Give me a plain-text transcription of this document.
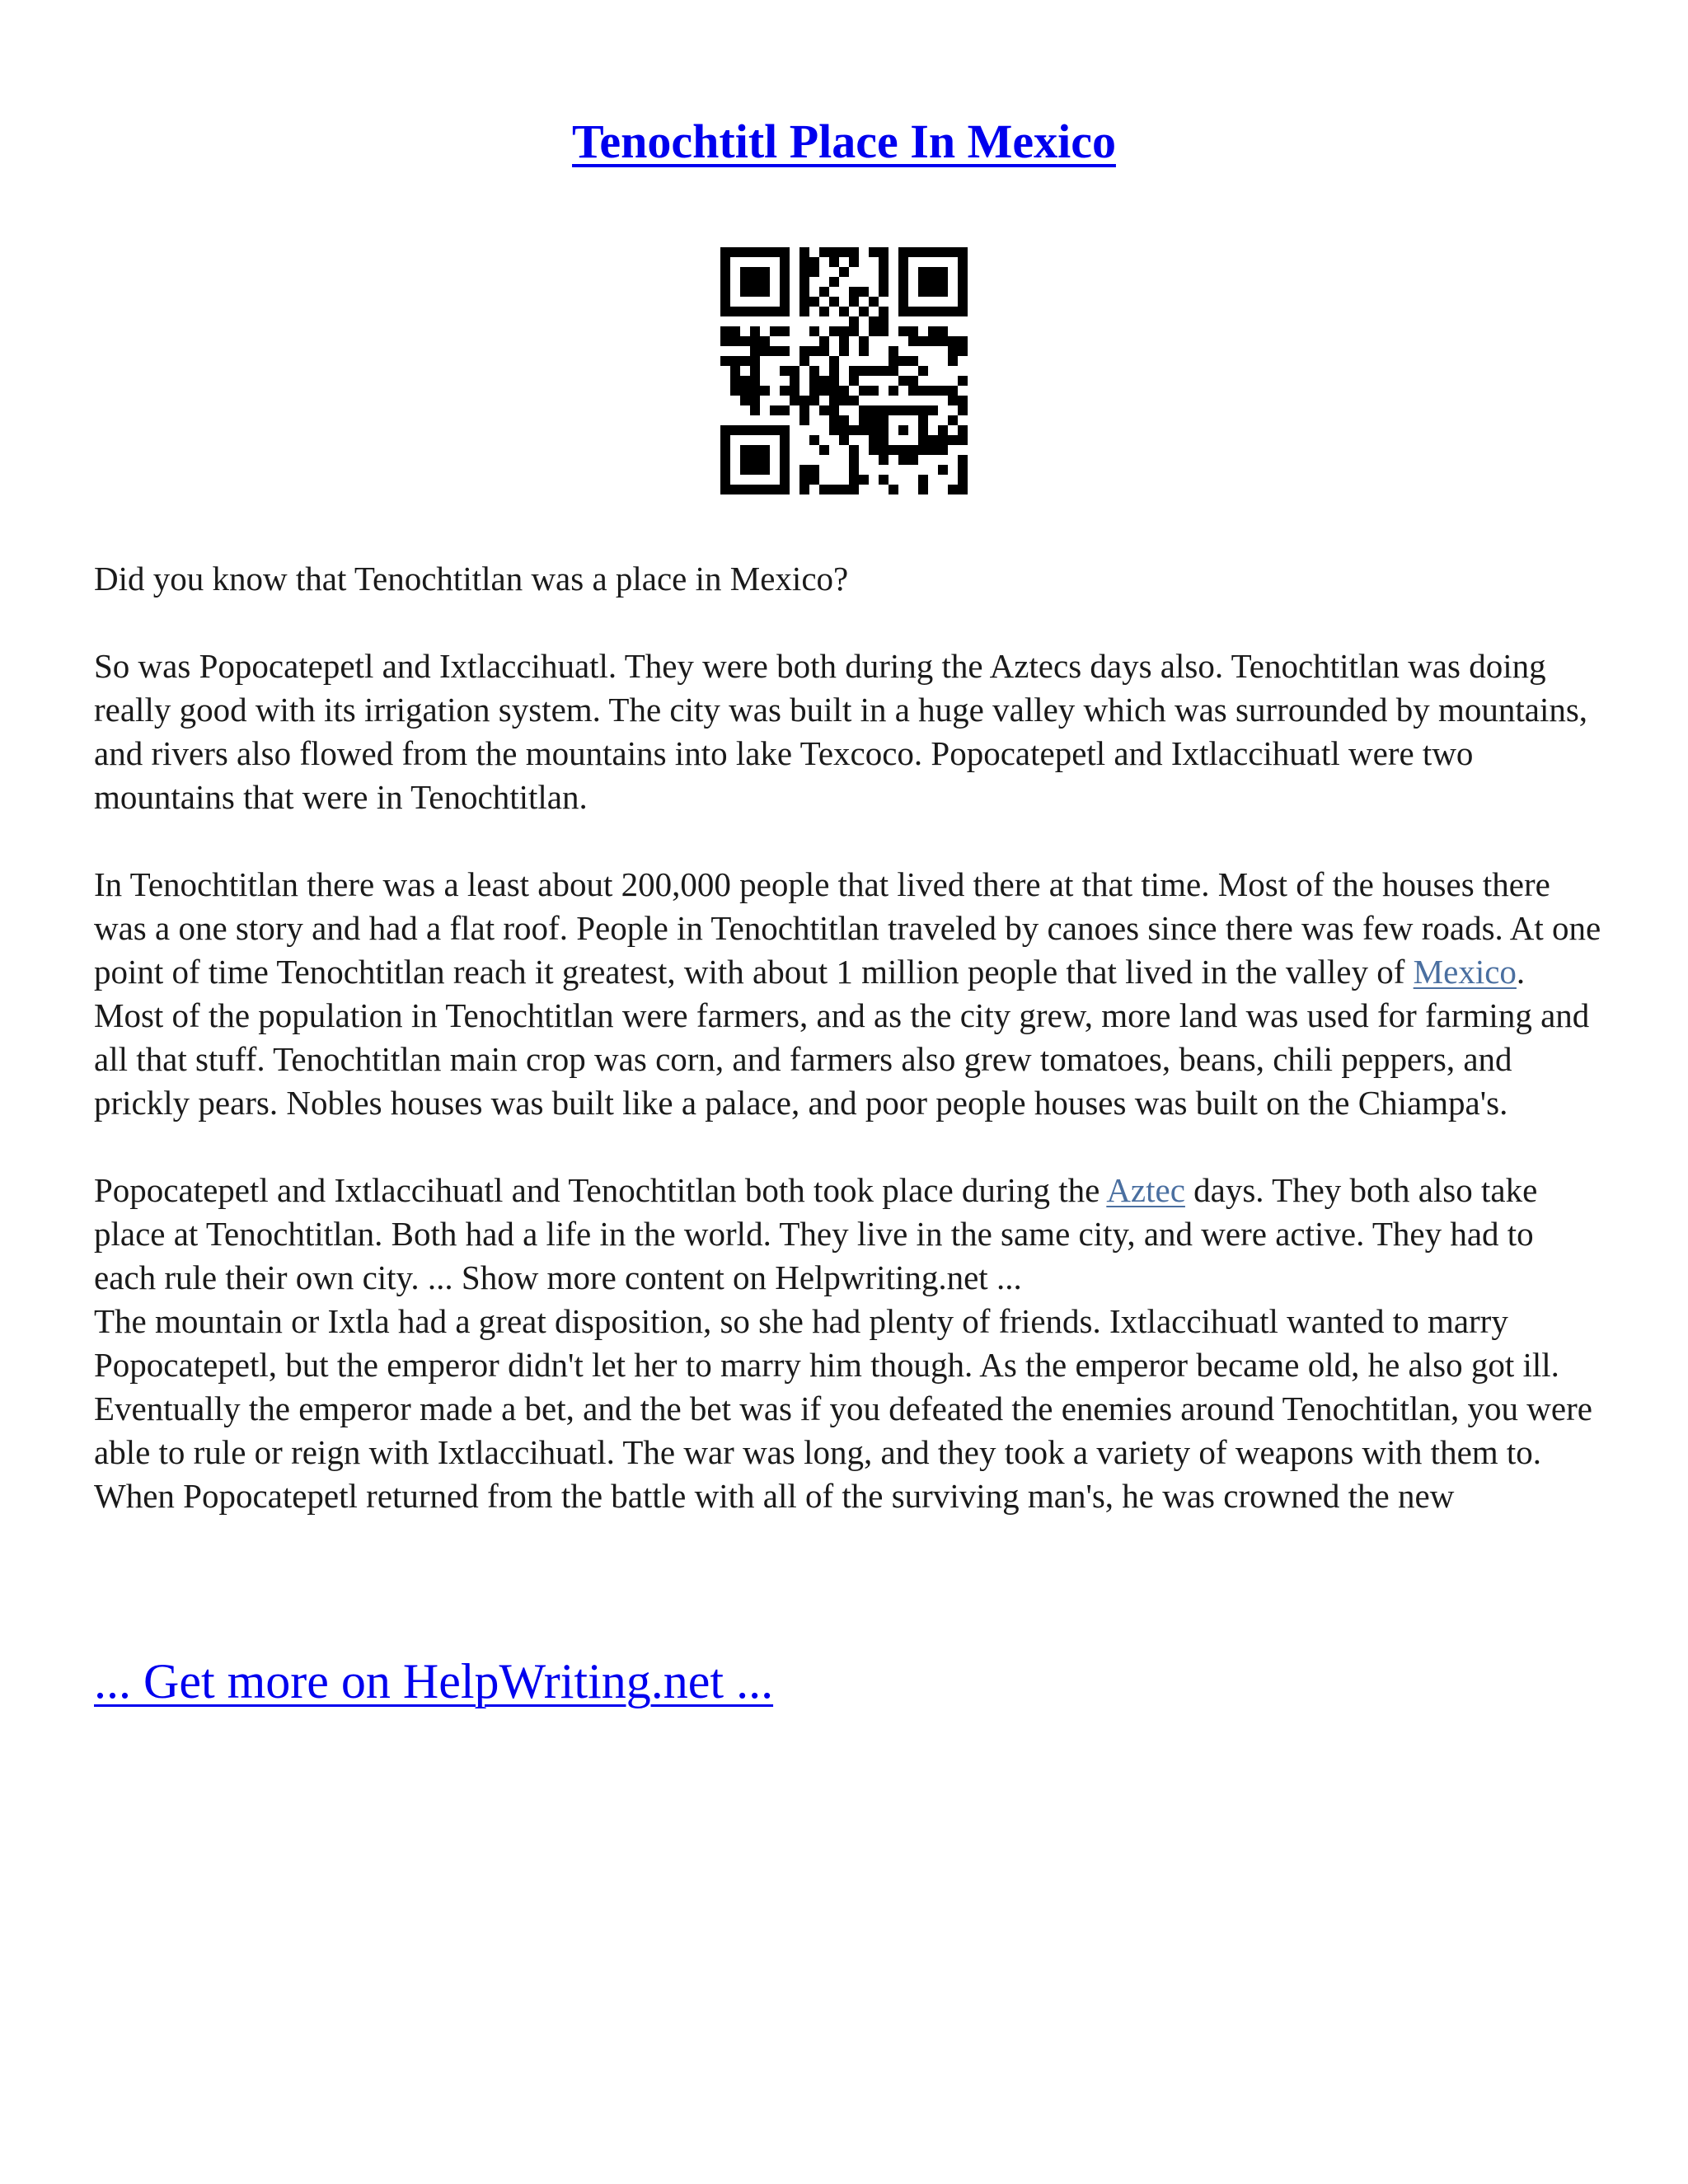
Tenochtitl Place In Mexico

Did you know that Tenochtitlan was a place in Mexico?

So was Popocatepetl and Ixtlaccihuatl. They were both during the Aztecs days also. Tenochtitlan was doing really good with its irrigation system. The city was built in a huge valley which was surrounded by mountains, and rivers also flowed from the mountains into lake Texcoco. Popocatepetl and Ixtlaccihuatl were two mountains that were in Tenochtitlan.

In Tenochtitlan there was a least about 200,000 people that lived there at that time. Most of the houses there was a one story and had a flat roof. People in Tenochtitlan traveled by canoes since there was few roads. At one point of time Tenochtitlan reach it greatest, with about 1 million people that lived in the valley of Mexico. Most of the population in Tenochtitlan were farmers, and as the city grew, more land was used for farming and all that stuff. Tenochtitlan main crop was corn, and farmers also grew tomatoes, beans, chili peppers, and prickly pears. Nobles houses was built like a palace, and poor people houses was built on the Chiampa's.

Popocatepetl and Ixtlaccihuatl and Tenochtitlan both took place during the Aztec days. They both also take place at Tenochtitlan. Both had a life in the world. They live in the same city, and were active. They had to each rule their own city. ... Show more content on Helpwriting.net ...

The mountain or Ixtla had a great disposition, so she had plenty of friends. Ixtlaccihuatl wanted to marry Popocatepetl, but the emperor didn't let her to marry him though. As the emperor became old, he also got ill. Eventually the emperor made a bet, and the bet was if you defeated the enemies around Tenochtitlan, you were able to rule or reign with Ixtlaccihuatl. The war was long, and they took a variety of weapons with them to. When Popocatepetl returned from the battle with all of the surviving man's, he was crowned the new

... Get more on HelpWriting.net ...
